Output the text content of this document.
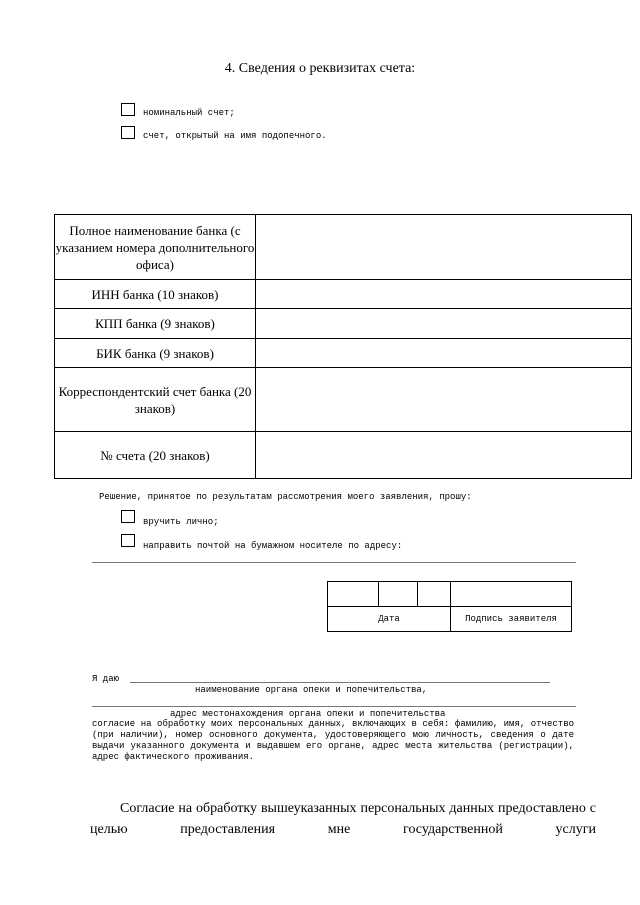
4. Сведения о реквизитах счета:
номинальный счет;
счет, открытый на имя подопечного.
Полное наименование банка (с указанием номера дополнительного офиса)	
ИНН банка (10 знаков)	

КПП банка (9 знаков)	

БИК банка (9 знаков)	

Корреспондентский счет банка (20 знаков)	

№ счета (20 знаков)	
Решение, принятое по результатам рассмотрения моего заявления, прошу:
вручить лично;
направить почтой на бумажном носителе по адресу:

Дата			Подпись заявителя
Я даю
наименование органа опеки и попечительства,
адрес местонахождения органа опеки и попечительства
согласие на обработку моих персональных данных, включающих в себя: фамилию, имя, отчество (при наличии), номер основного документа, удостоверяющего мою личность, сведения о дате выдачи указанного документа и выдавшем его органе, адрес места жительства (регистрации), адрес фактического проживания.

Согласие на обработку вышеуказанных персональных данных предоставлено с целью предоставления мне государственной услуги
